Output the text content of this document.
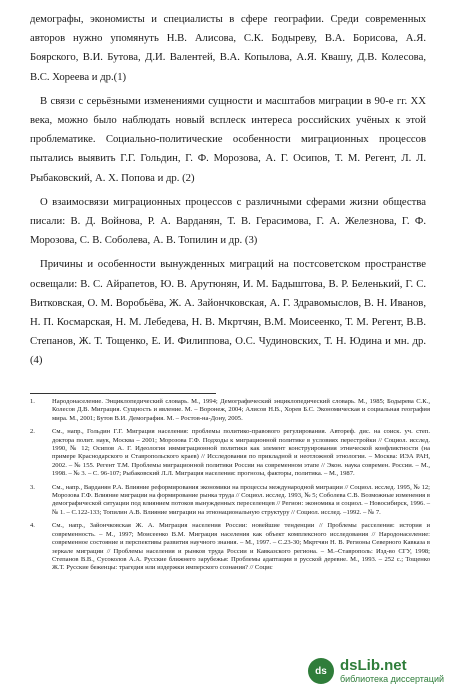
демографы, экономисты и специалисты в сфере географии. Среди современных авторов нужно упомянуть Н.В. Алисова, С.К. Бодыреву, В.А. Борисова, А.Я. Боярского, В.И. Бутова, Д.И. Валентей, В.А. Копылова, А.Я. Квашу, Д.В. Колесова, В.С. Хореева и др.(1)

В связи с серьёзными изменениями сущности и масштабов миграции в 90-е гг. XX века, можно было наблюдать новый всплеск интереса российских учёных к этой проблематике. Социально-политические особенности миграционных процессов пытались выявить Г.Г. Гольдин, Г. Ф. Морозова, А. Г. Осипов, Т. М. Регент, Л. Л. Рыбаковский, А. Х. Попова и др. (2)

О взаимосвязи миграционных процессов с различными сферами жизни общества писали: В. Д. Войнова, Р. А. Варданян, Т. В. Герасимова, Г. А. Железнова, Г. Ф. Морозова, С. В. Соболева, А. В. Топилин и др. (3)

Причины и особенности вынужденных миграций на постсоветском пространстве освещали: В. С. Айрапетов, Ю. В. Арутюнян, И. М. Бадыштова, В. Р. Беленький, Г. С. Витковская, О. М. Воробьёва, Ж. А. Зайончковская, А. Г. Здравомыслов, В. Н. Иванов, Н. П. Космарская, Н. М. Лебедева, Н. В. Мкртчян, В.М. Моисеенко, Т. М. Регент, В.В. Степанов, Ж. Т. Тощенко, Е. И. Филиппова, О.С. Чудиновских, Т. Н. Юдина и мн. др.(4)

1.	Народонаселение. Энциклопедический словарь. М., 1994; Демографический энциклопедический словарь. М., 1985; Бодырева С.К., Колесов Д.В. Миграция. Сущность и явление. М. – Воронеж, 2004; Алисов Н.В., Хорев Б.С. Экономическая и социальная география мира. М., 2001; Бутов В.И. Демография. М. – Ростов-на-Дону, 2005.
2.	См., напр., Гольдин Г.Г. Миграция населения: проблемы политико-правового регулирования. Автореф. дис. на соиск. уч. степ. доктора полит. наук, Москва – 2001; Морозова Г.Ф. Подходы к миграционной политике в условиях перестройки // Социол. исслед. 1990, № 12; Осипов А. Г. Идеология иммиграционной политики как элемент конструирования этнической конфликтности (на примере Краснодарского и Ставропольского краев) // Исследования по прикладной и неотложной этнологии. – Москва: ИЭА РАН, 2002. – № 155. Регент Т.М. Проблемы миграционной политики России на современном этапе // Экон. наука современ. России. – М., 1998. – № 3. – С. 96-107; Рыбаковский Л.Л. Миграция населения: прогнозы, факторы, политика. – М., 1987.
3.	См., напр., Варданян Р.А. Влияние реформирования экономики на процессы международной миграции // Социол. исслед. 1995, № 12; Морозова Г.Ф. Влияние миграции на формирование рынка труда // Социол. исслед. 1993, № 5; Соболева С.В. Возможные изменения в демографической ситуации под влиянием потоков вынужденных переселенцев // Регион: экономика и социол. – Новосибирск, 1996. – № 1. – С.122-133; Топилин А.В. Влияние миграции на этнонациональную структуру // Социол. исслед. –1992. – № 7.
4.	См., напр., Зайончковская Ж. А. Миграция населения России: новейшие тенденции // Проблемы расселения: история и современность. – М., 1997; Моисеенко В.М. Миграция населения как объект комплексного исследования // Народонаселение: современное состояние и перспективы развития научного знания. – М., 1997. – С.23-30; Мкртчян Н. В. Регионы Северного Кавказа в зеркале миграции // Проблемы населения и рынков труда России и Кавказского региона. – М.–Ставрополь: Изд-во СГУ, 1998; Степанов В.В., Сусоколов А.А. Русские ближнего зарубежья: Проблемы адаптации в русской деревне. М., 1993. – 252 с.; Тощенко Ж.Т. Русские беженцы: трагедия или издержки имперского сознания? // Социс
ds dsLib.net
библиотека диссертаций
